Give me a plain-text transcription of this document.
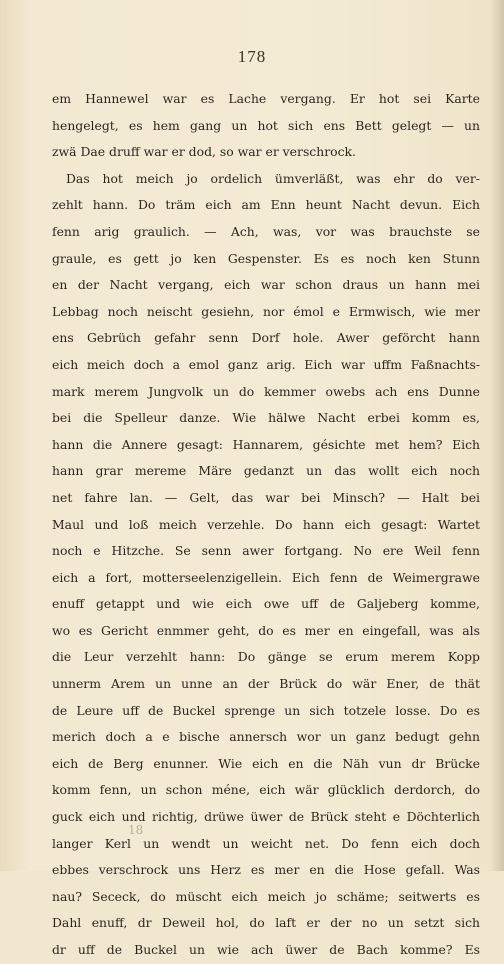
178
em Hannewel war es Lache vergang. Er hot sei Karte
hengelegt, es hem gang un hot sich ens Bett gelegt — un
zwä Dae druff war er dod, so war er verschrock.
Das hot meich jo ordelich ümverläßt, was ehr do ver-
zehlt hann. Do träm eich am Enn heunt Nacht devun. Eich
fenn arig graulich. — Ach, was, vor was brauchste se
graule, es gett jo ken Gespenster. Es es noch ken Stunn
en der Nacht vergang, eich war schon draus un hann mei
Lebbag noch neischt gesiehn, nor émol e Ermwisch, wie mer
ens Gebrüch gefahr senn Dorf hole. Awer geförcht hann
eich meich doch a emol ganz arig. Eich war uffm Faßnachts-
mark merem Jungvolk un do kemmer owebs ach ens Dunne
bei die Spelleur danze. Wie hälwe Nacht erbei komm es,
hann die Annere gesagt: Hannarem, gésichte met hem? Eich
hann grar mereme Märe gedanzt un das wollt eich noch
net fahre lan. — Gelt, das war bei Minsch? — Halt bei
Maul und loß meich verzehle. Do hann eich gesagt: Wartet
noch e Hitzche. Se senn awer fortgang. No ere Weil fenn
eich a fort, motterseelenzigellein. Eich fenn de Weimergrawe
enuff getappt und wie eich owe uff de Galjeberg komme,
wo es Gericht enmmer geht, do es mer en eingefall, was als
die Leur verzehlt hann: Do gänge se erum merem Kopp
unnerm Arem un unne an der Brück do wär Ener, de thät
de Leure uff de Buckel sprenge un sich totzele losse. Do es
merich doch a e bische annersch wor un ganz bedugt gehn
eich de Berg enunner. Wie eich en die Näh vun dr Brücke
komm fenn, un schon méne, eich wär glücklich derdorch, do
guck eich und richtig, drüwe üwer de Brück steht e Döchterlich
langer Kerl un wendt un weicht net. Do fenn eich doch
ebbes verschrock uns Herz es mer en die Hose gefall. Was
nau? Sececk, do müscht eich meich jo schäme; seitwerts es
Dahl enuff, dr Deweil hol, do laft er der no un setzt sich
dr uff de Buckel un wie ach üwer de Bach komme? Es
18
